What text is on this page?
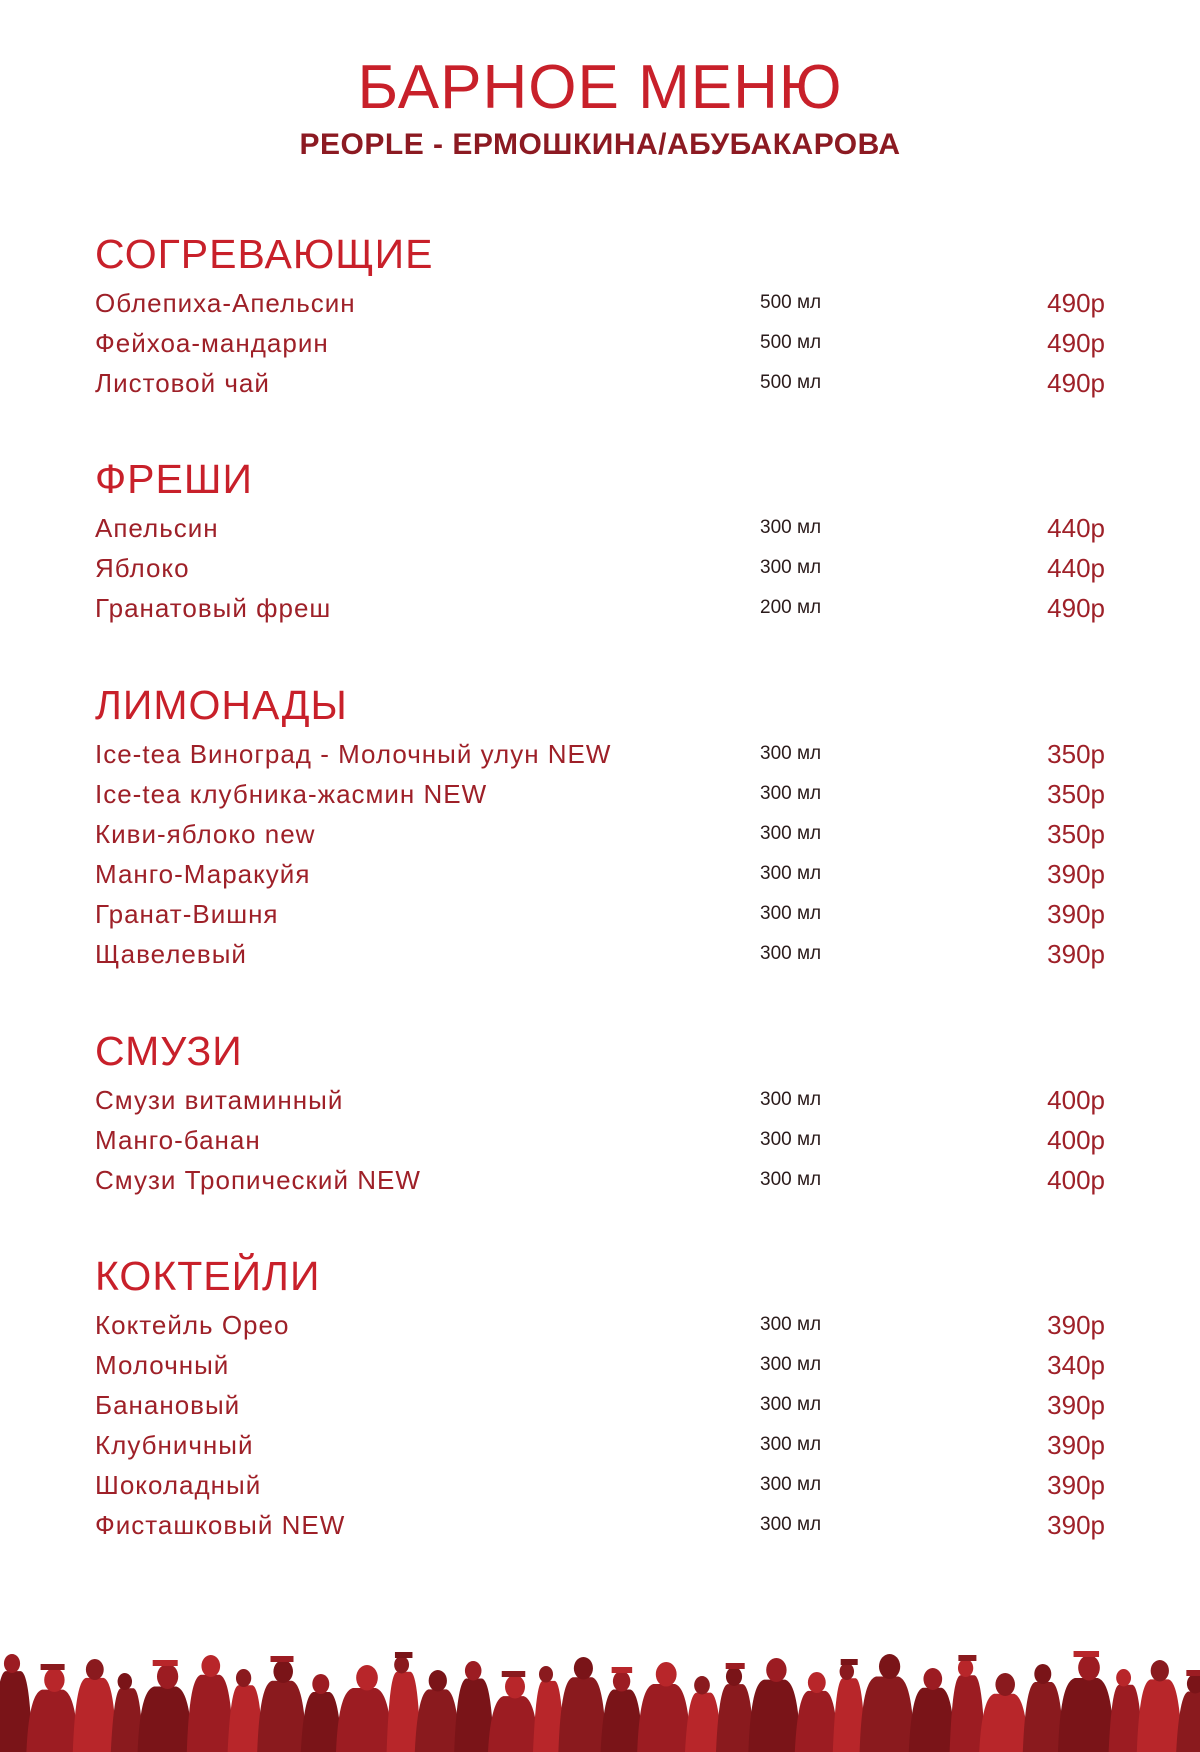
БАРНОЕ МЕНЮ
PEOPLE - ЕРМОШКИНА/АБУБАКАРОВА
СОГРЕВАЮЩИЕ
Облепиха-Апельсин	500 мл	490р
Фейхоа-мандарин	500 мл	490р
Листовой чай	500 мл	490р
ФРЕШИ
Апельсин	300 мл	440р
Яблоко	300 мл	440р
Гранатовый фреш	200 мл	490р
ЛИМОНАДЫ
Ice-tea Виноград - Молочный улун NEW	300 мл	350р
Ice-tea клубника-жасмин NEW	300 мл	350р
Киви-яблоко new	300 мл	350р
Манго-Маракуйя	300 мл	390р
Гранат-Вишня	300 мл	390р
Щавелевый	300 мл	390р
СМУЗИ
Смузи витаминный	300 мл	400р
Манго-банан	300 мл	400р
Смузи Тропический NEW	300 мл	400р
КОКТЕЙЛИ
Коктейль Орео	300 мл	390р
Молочный	300 мл	340р
Банановый	300 мл	390р
Клубничный	300 мл	390р
Шоколадный	300 мл	390р
Фисташковый NEW	300 мл	390р
